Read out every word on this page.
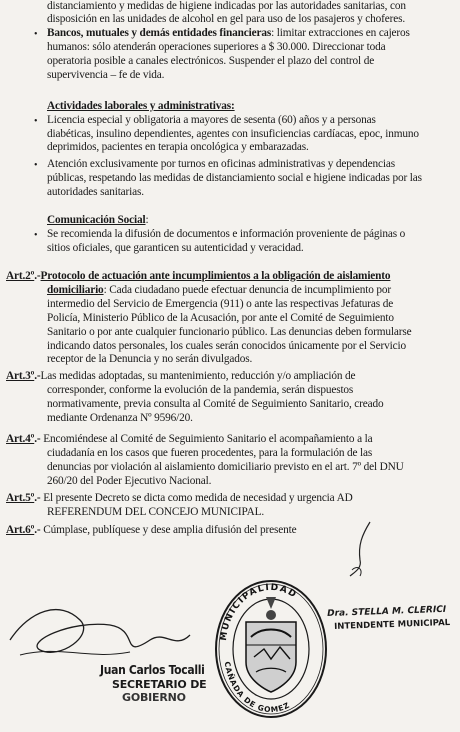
distanciamiento y medidas de higiene indicadas por las autoridades sanitarias, con
disposición en las unidades de alcohol en gel para uso de los pasajeros y choferes.
• Bancos, mutuales y demás entidades financieras: limitar extracciones en cajeros
humanos: sólo atenderán operaciones superiores a $ 30.000. Direccionar toda
operatoria posible a canales electrónicos. Suspender el plazo del control de
supervivencia – fe de vida.
Actividades laborales y administrativas:
• Licencia especial y obligatoria a mayores de sesenta (60) años y a personas
diabéticas, insulino dependientes, agentes con insuficiencias cardíacas, epoc, inmuno
deprimidos, pacientes en terapia oncológica y embarazadas.
• Atención exclusivamente por turnos en oficinas administrativas y dependencias
públicas, respetando las medidas de distanciamiento social e higiene indicadas por las
autoridades sanitarias.
Comunicación Social:
• Se recomienda la difusión de documentos e información proveniente de páginas o
sitios oficiales, que garanticen su autenticidad y veracidad.
Art.2º.-Protocolo de actuación ante incumplimientos a la obligación de aislamiento
domiciliario: Cada ciudadano puede efectuar denuncia de incumplimiento por
intermedio del Servicio de Emergencia (911) o ante las respectivas Jefaturas de
Policía, Ministerio Público de la Acusación, por ante el Comité de Seguimiento
Sanitario o por ante cualquier funcionario público. Las denuncias deben formularse
indicando datos personales, los cuales serán conocidos únicamente por el Servicio
receptor de la Denuncia y no serán divulgados.
Art.3º.-Las medidas adoptadas, su mantenimiento, reducción y/o ampliación de
corresponder, conforme la evolución de la pandemia, serán dispuestos
normativamente, previa consulta al Comité de Seguimiento Sanitario, creado
mediante Ordenanza Nº 9596/20.
Art.4º.- Encomiéndese al Comité de Seguimiento Sanitario el acompañamiento a la
ciudadanía en los casos que fueren procedentes, para la formulación de las
denuncias por violación al aislamiento domiciliario previsto en el art. 7º del DNU
260/20 del Poder Ejecutivo Nacional.
Art.5º.- El presente Decreto se dicta como medida de necesidad y urgencia AD
REFERENDUM DEL CONCEJO MUNICIPAL.
Art.6º.- Cúmplase, publíquese y dese amplia difusión del presente
Juan Carlos Tocalli
SECRETARIO DE
GOBIERNO
Dra. STELLA M. CLERICI
INTENDENTE MUNICIPAL
MUNICIPALIDAD
CAÑADA DE GOMEZ
